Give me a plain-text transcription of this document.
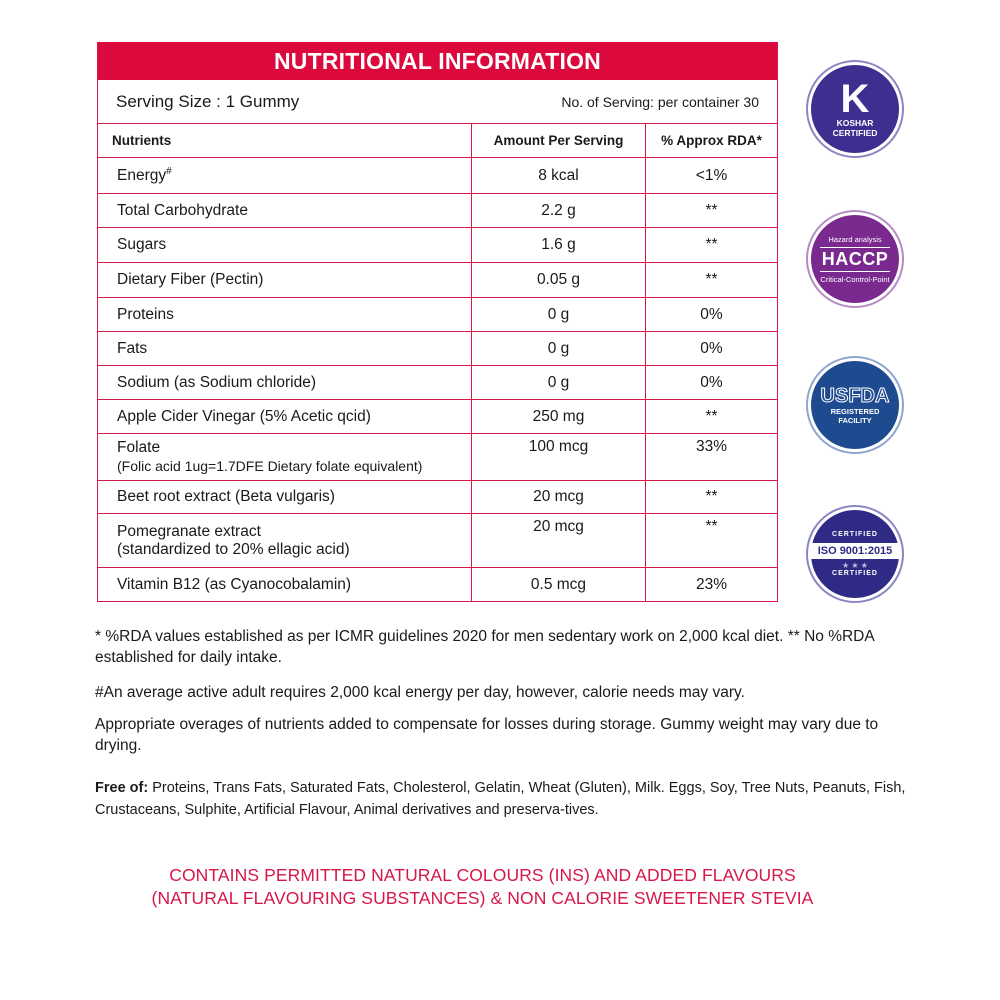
NUTRITIONAL INFORMATION
Serving Size : 1 Gummy	No. of Serving: per container 30
Nutrients	Amount Per Serving	% Approx RDA*
Energy#	8 kcal	<1%
Total Carbohydrate	2.2 g	**
Sugars	1.6 g	**
Dietary Fiber (Pectin)	0.05 g	**
Proteins	0 g	0%
Fats	0 g	0%
Sodium (as Sodium chloride)	0 g	0%
Apple Cider Vinegar (5% Acetic qcid)	250 mg	**
Folate
(Folic acid 1ug=1.7DFE Dietary folate equivalent)
100 mcg	33%
Beet root extract (Beta vulgaris)	20 mcg	**
Pomegranate extract
(standardized to 20% ellagic acid)
20 mcg	**
Vitamin B12 (as Cyanocobalamin)	0.5 mcg	23%
K
KOSHAR
CERTIFIED
Hazard analysis
HACCP
Critical-Control-Point
USFDA
REGISTERED
FACILITY
CERTIFIED
ISO 9001:2015
★ ★ ★
CERTIFIED

* %RDA values established as per ICMR guidelines 2020 for men sedentary work on 2,000 kcal diet. ** No %RDA established for daily intake.

#An average active adult requires 2,000 kcal energy per day, however, calorie needs may vary.

Appropriate overages of nutrients added to compensate for losses during storage. Gummy weight may vary due to drying.

Free of: Proteins, Trans Fats, Saturated Fats, Cholesterol, Gelatin, Wheat (Gluten), Milk. Eggs, Soy, Tree Nuts, Peanuts, Fish, Crustaceans, Sulphite, Artificial Flavour, Animal derivatives and preserva-tives.

CONTAINS PERMITTED NATURAL COLOURS (INS) AND ADDED FLAVOURS
(NATURAL FLAVOURING SUBSTANCES) & NON CALORIE SWEETENER STEVIA
